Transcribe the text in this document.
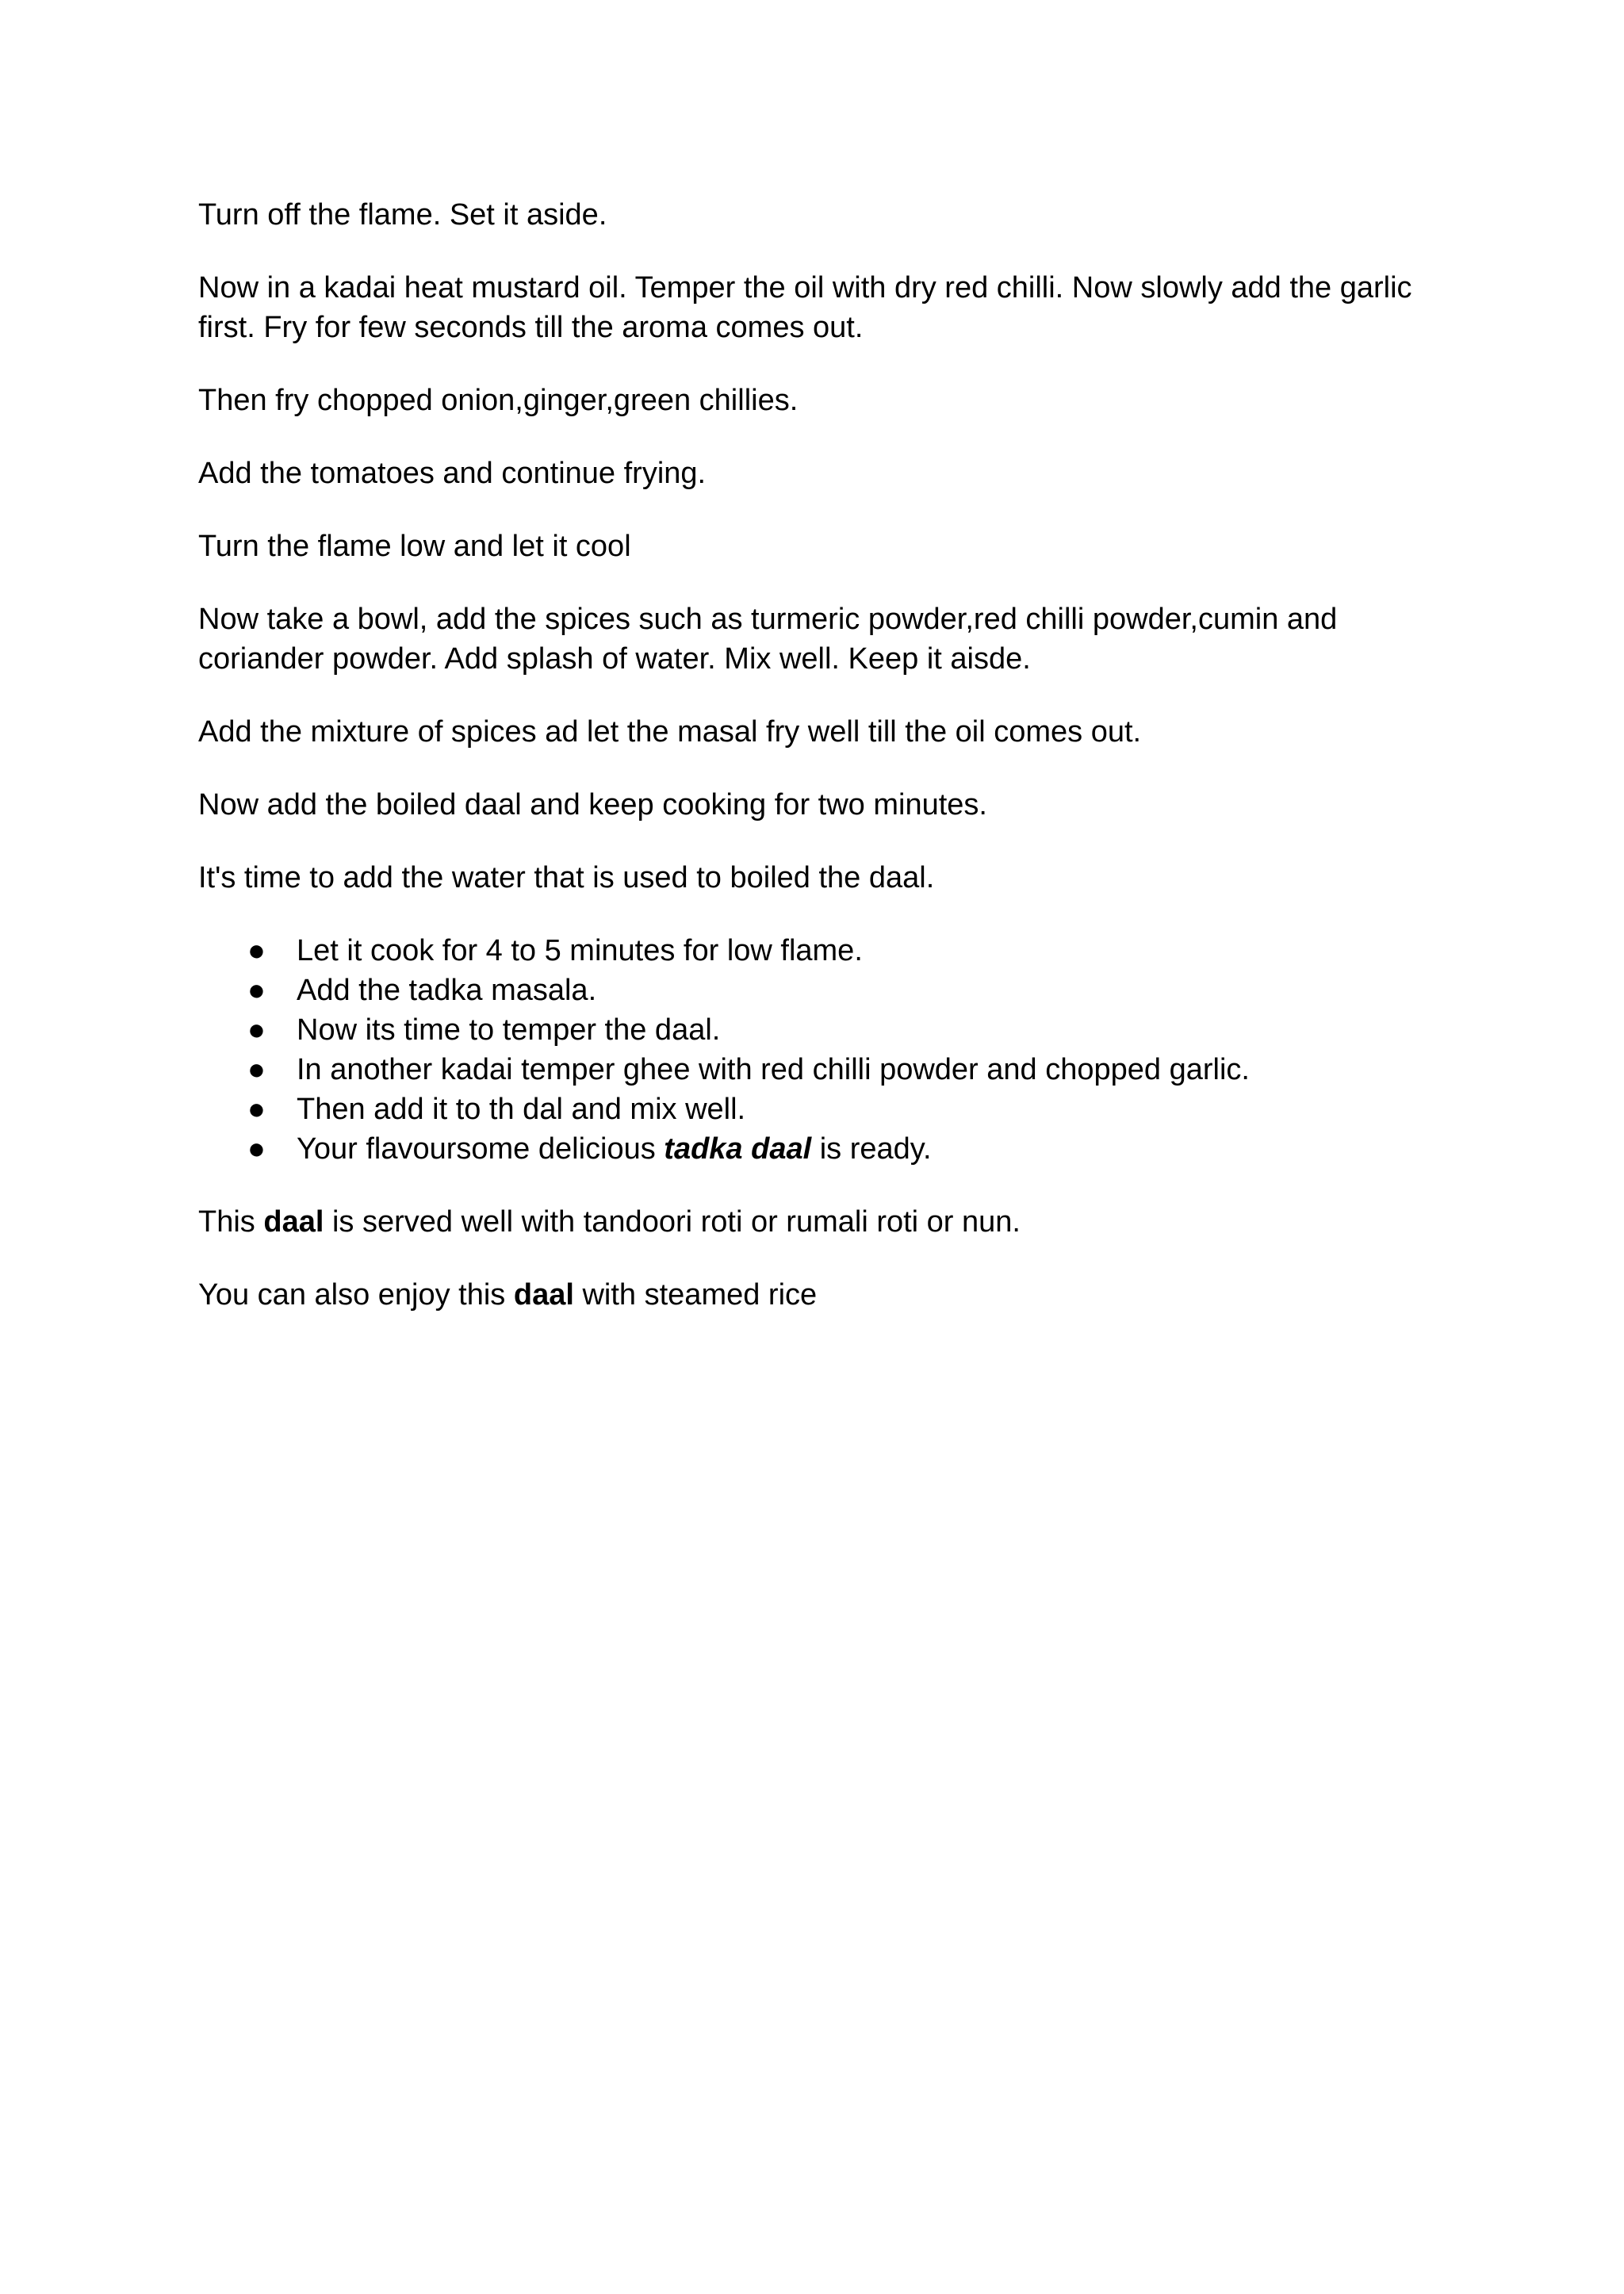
Turn off the flame. Set it aside.

Now in a kadai heat mustard oil. Temper the oil with dry red chilli. Now slowly add the garlic first. Fry for few seconds till the aroma comes out.

Then fry chopped onion,ginger,green chillies.

Add the tomatoes and continue frying.

Turn the flame low and let it cool

Now take a bowl, add the spices such as turmeric powder,red chilli powder,cumin and coriander powder. Add splash of water. Mix well. Keep it aisde.

Add the mixture of spices ad let the masal fry well till the oil comes out.

Now add the boiled daal and keep cooking for two minutes.

It's time to add the water that is used to boiled the daal.

●	Let it cook for 4 to 5 minutes for low flame.
●	Add the tadka masala.
●	Now its time to temper the daal.
●	In another kadai temper ghee with red chilli powder and chopped garlic.
●	Then add it to th dal and mix well.
●	Your flavoursome delicious tadka daal is ready.

This daal is served well with tandoori roti or rumali roti or nun.

You can also enjoy this daal with steamed rice
